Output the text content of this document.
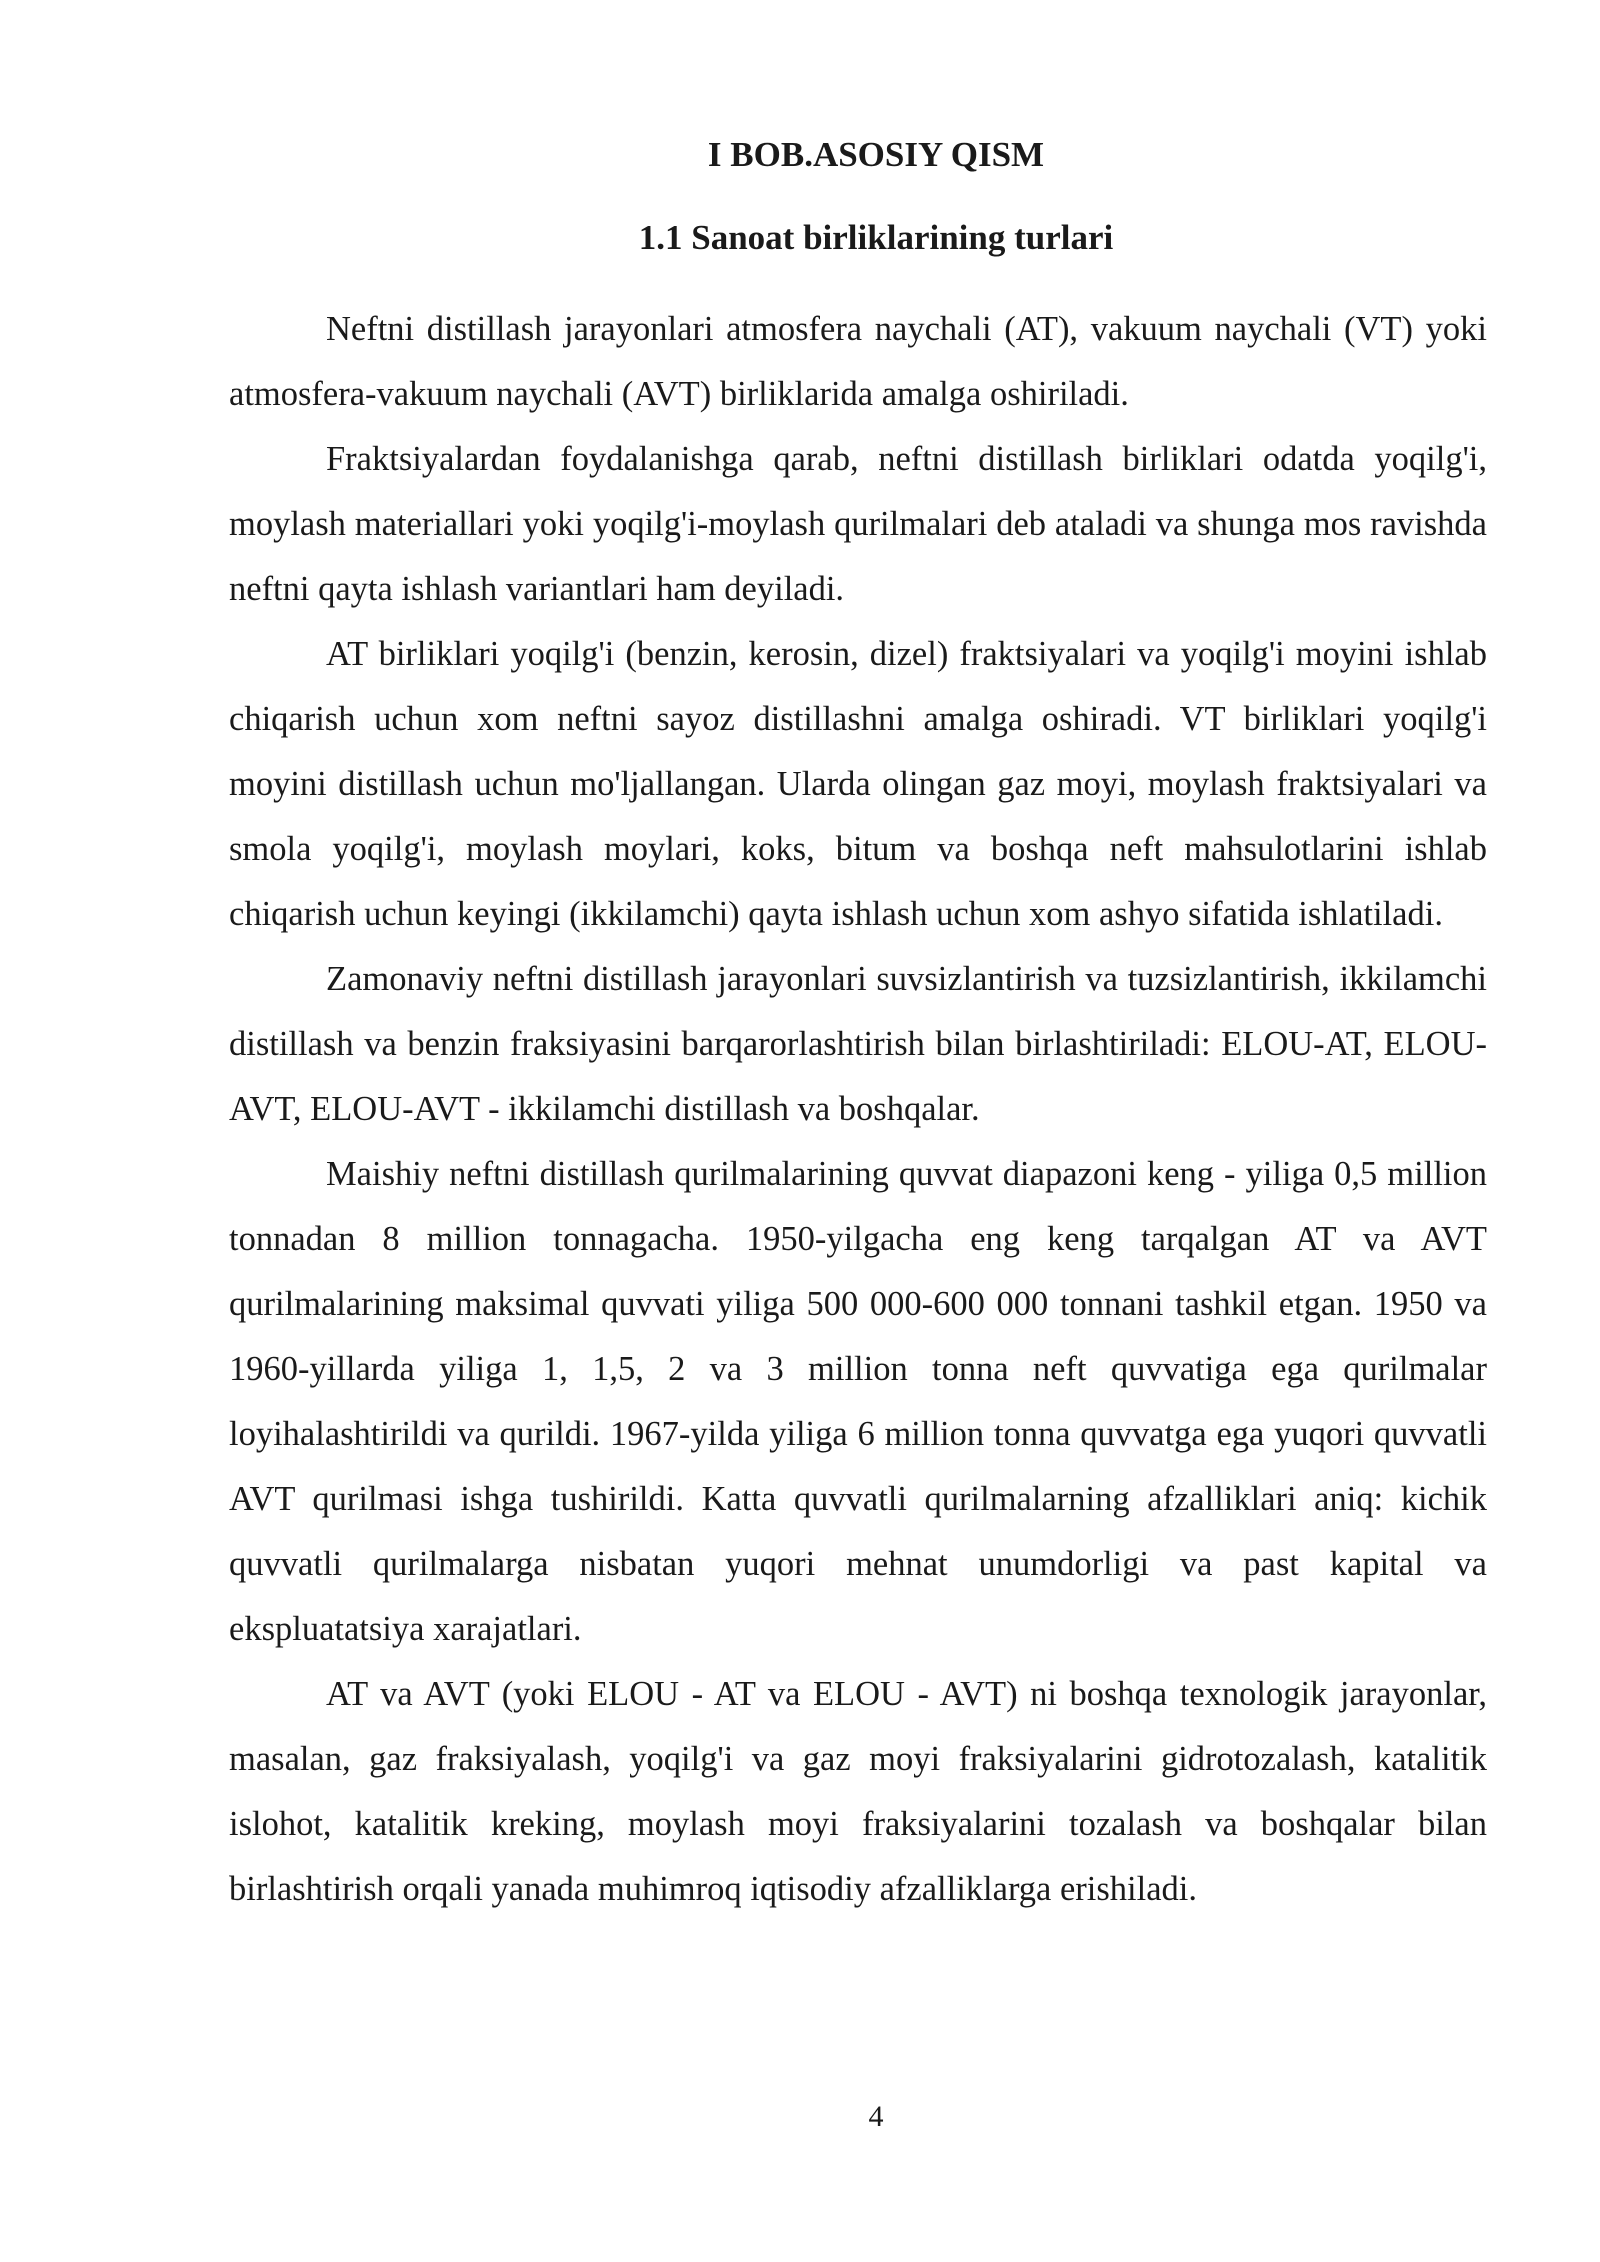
I BOB.ASOSIY QISM
1.1 Sanoat birliklarining turlari

Neftni distillash jarayonlari atmosfera naychali (AT), vakuum naychali (VT) yoki atmosfera-vakuum naychali (AVT) birliklarida amalga oshiriladi.

Fraktsiyalardan foydalanishga qarab, neftni distillash birliklari odatda yoqilg'i, moylash materiallari yoki yoqilg'i-moylash qurilmalari deb ataladi va shunga mos ravishda neftni qayta ishlash variantlari ham deyiladi.

AT birliklari yoqilg'i (benzin, kerosin, dizel) fraktsiyalari va yoqilg'i moyini ishlab chiqarish uchun xom neftni sayoz distillashni amalga oshiradi. VT birliklari yoqilg'i moyini distillash uchun mo'ljallangan. Ularda olingan gaz moyi, moylash fraktsiyalari va smola yoqilg'i, moylash moylari, koks, bitum va boshqa neft mahsulotlarini ishlab chiqarish uchun keyingi (ikkilamchi) qayta ishlash uchun xom ashyo sifatida ishlatiladi.

Zamonaviy neftni distillash jarayonlari suvsizlantirish va tuzsizlantirish, ikkilamchi distillash va benzin fraksiyasini barqarorlashtirish bilan birlashtiriladi: ELOU-AT, ELOU-AVT, ELOU-AVT - ikkilamchi distillash va boshqalar.

Maishiy neftni distillash qurilmalarining quvvat diapazoni keng - yiliga 0,5 million tonnadan 8 million tonnagacha. 1950-yilgacha eng keng tarqalgan AT va AVT qurilmalarining maksimal quvvati yiliga 500 000-600 000 tonnani tashkil etgan. 1950 va 1960-yillarda yiliga 1, 1,5, 2 va 3 million tonna neft quvvatiga ega qurilmalar loyihalashtirildi va qurildi. 1967-yilda yiliga 6 million tonna quvvatga ega yuqori quvvatli AVT qurilmasi ishga tushirildi. Katta quvvatli qurilmalarning afzalliklari aniq: kichik quvvatli qurilmalarga nisbatan yuqori mehnat unumdorligi va past kapital va ekspluatatsiya xarajatlari.

AT va AVT (yoki ELOU - AT va ELOU - AVT) ni boshqa texnologik jarayonlar, masalan, gaz fraksiyalash, yoqilg'i va gaz moyi fraksiyalarini gidrotozalash, katalitik islohot, katalitik kreking, moylash moyi fraksiyalarini tozalash va boshqalar bilan birlashtirish orqali yanada muhimroq iqtisodiy afzalliklarga erishiladi.

4
